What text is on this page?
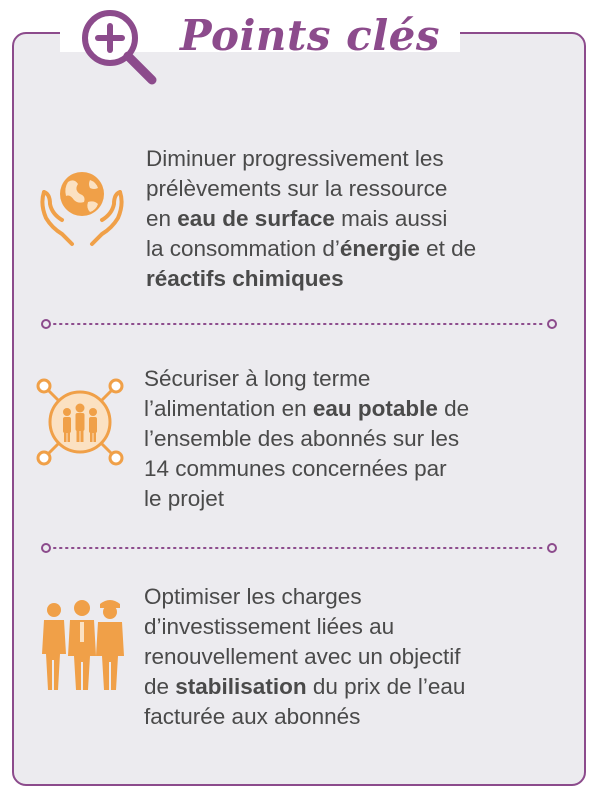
Points clés
Diminuer progressivement les
prélèvements sur la ressource
en eau de surface mais aussi
la consommation d’énergie et de
réactifs chimiques
Sécuriser à long terme
l’alimentation en eau potable de
l’ensemble des abonnés sur les
14 communes concernées par
le projet
Optimiser les charges
d’investissement liées au
renouvellement avec un objectif
de stabilisation du prix de l’eau
facturée aux abonnés
